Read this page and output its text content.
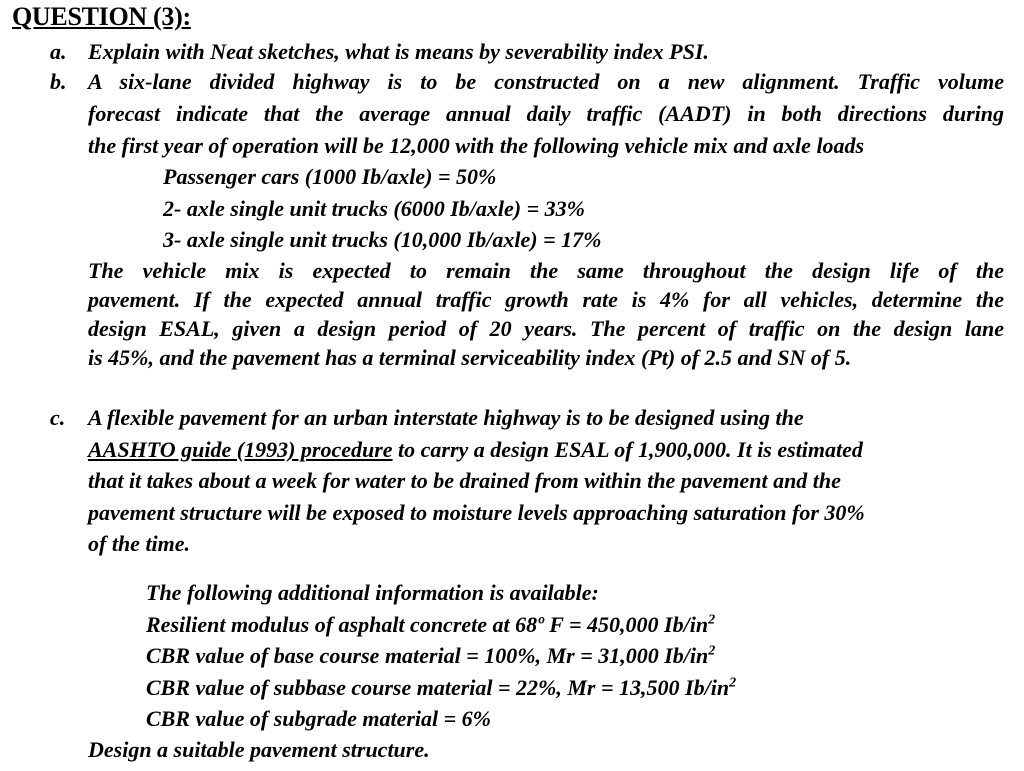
QUESTION (3):
a. Explain with Neat sketches, what is means by severability index PSI.
b. A six-lane divided highway is to be constructed on a new alignment. Traffic volume
forecast indicate that the average annual daily traffic (AADT) in both directions during
the first year of operation will be 12,000 with the following vehicle mix and axle loads
Passenger cars (1000 Ib/axle) = 50%
2- axle single unit trucks (6000 Ib/axle) = 33%
3- axle single unit trucks (10,000 Ib/axle) = 17%
The vehicle mix is expected to remain the same throughout the design life of the
pavement. If the expected annual traffic growth rate is 4% for all vehicles, determine the
design ESAL, given a design period of 20 years. The percent of traffic on the design lane
is 45%, and the pavement has a terminal serviceability index (Pt) of 2.5 and SN of 5.
c. A flexible pavement for an urban interstate highway is to be designed using the
AASHTO guide (1993) procedure to carry a design ESAL of 1,900,000. It is estimated
that it takes about a week for water to be drained from within the pavement and the
pavement structure will be exposed to moisture levels approaching saturation for 30%
of the time.
The following additional information is available:
Resilient modulus of asphalt concrete at 68º F = 450,000 $Ib/in^2$
CBR value of base course material = 100%, Mr = 31,000 $Ib/in^2$
CBR value of subbase course material = 22%, Mr = 13,500 $Ib/in^2$
CBR value of subgrade material = 6%
Design a suitable pavement structure.
